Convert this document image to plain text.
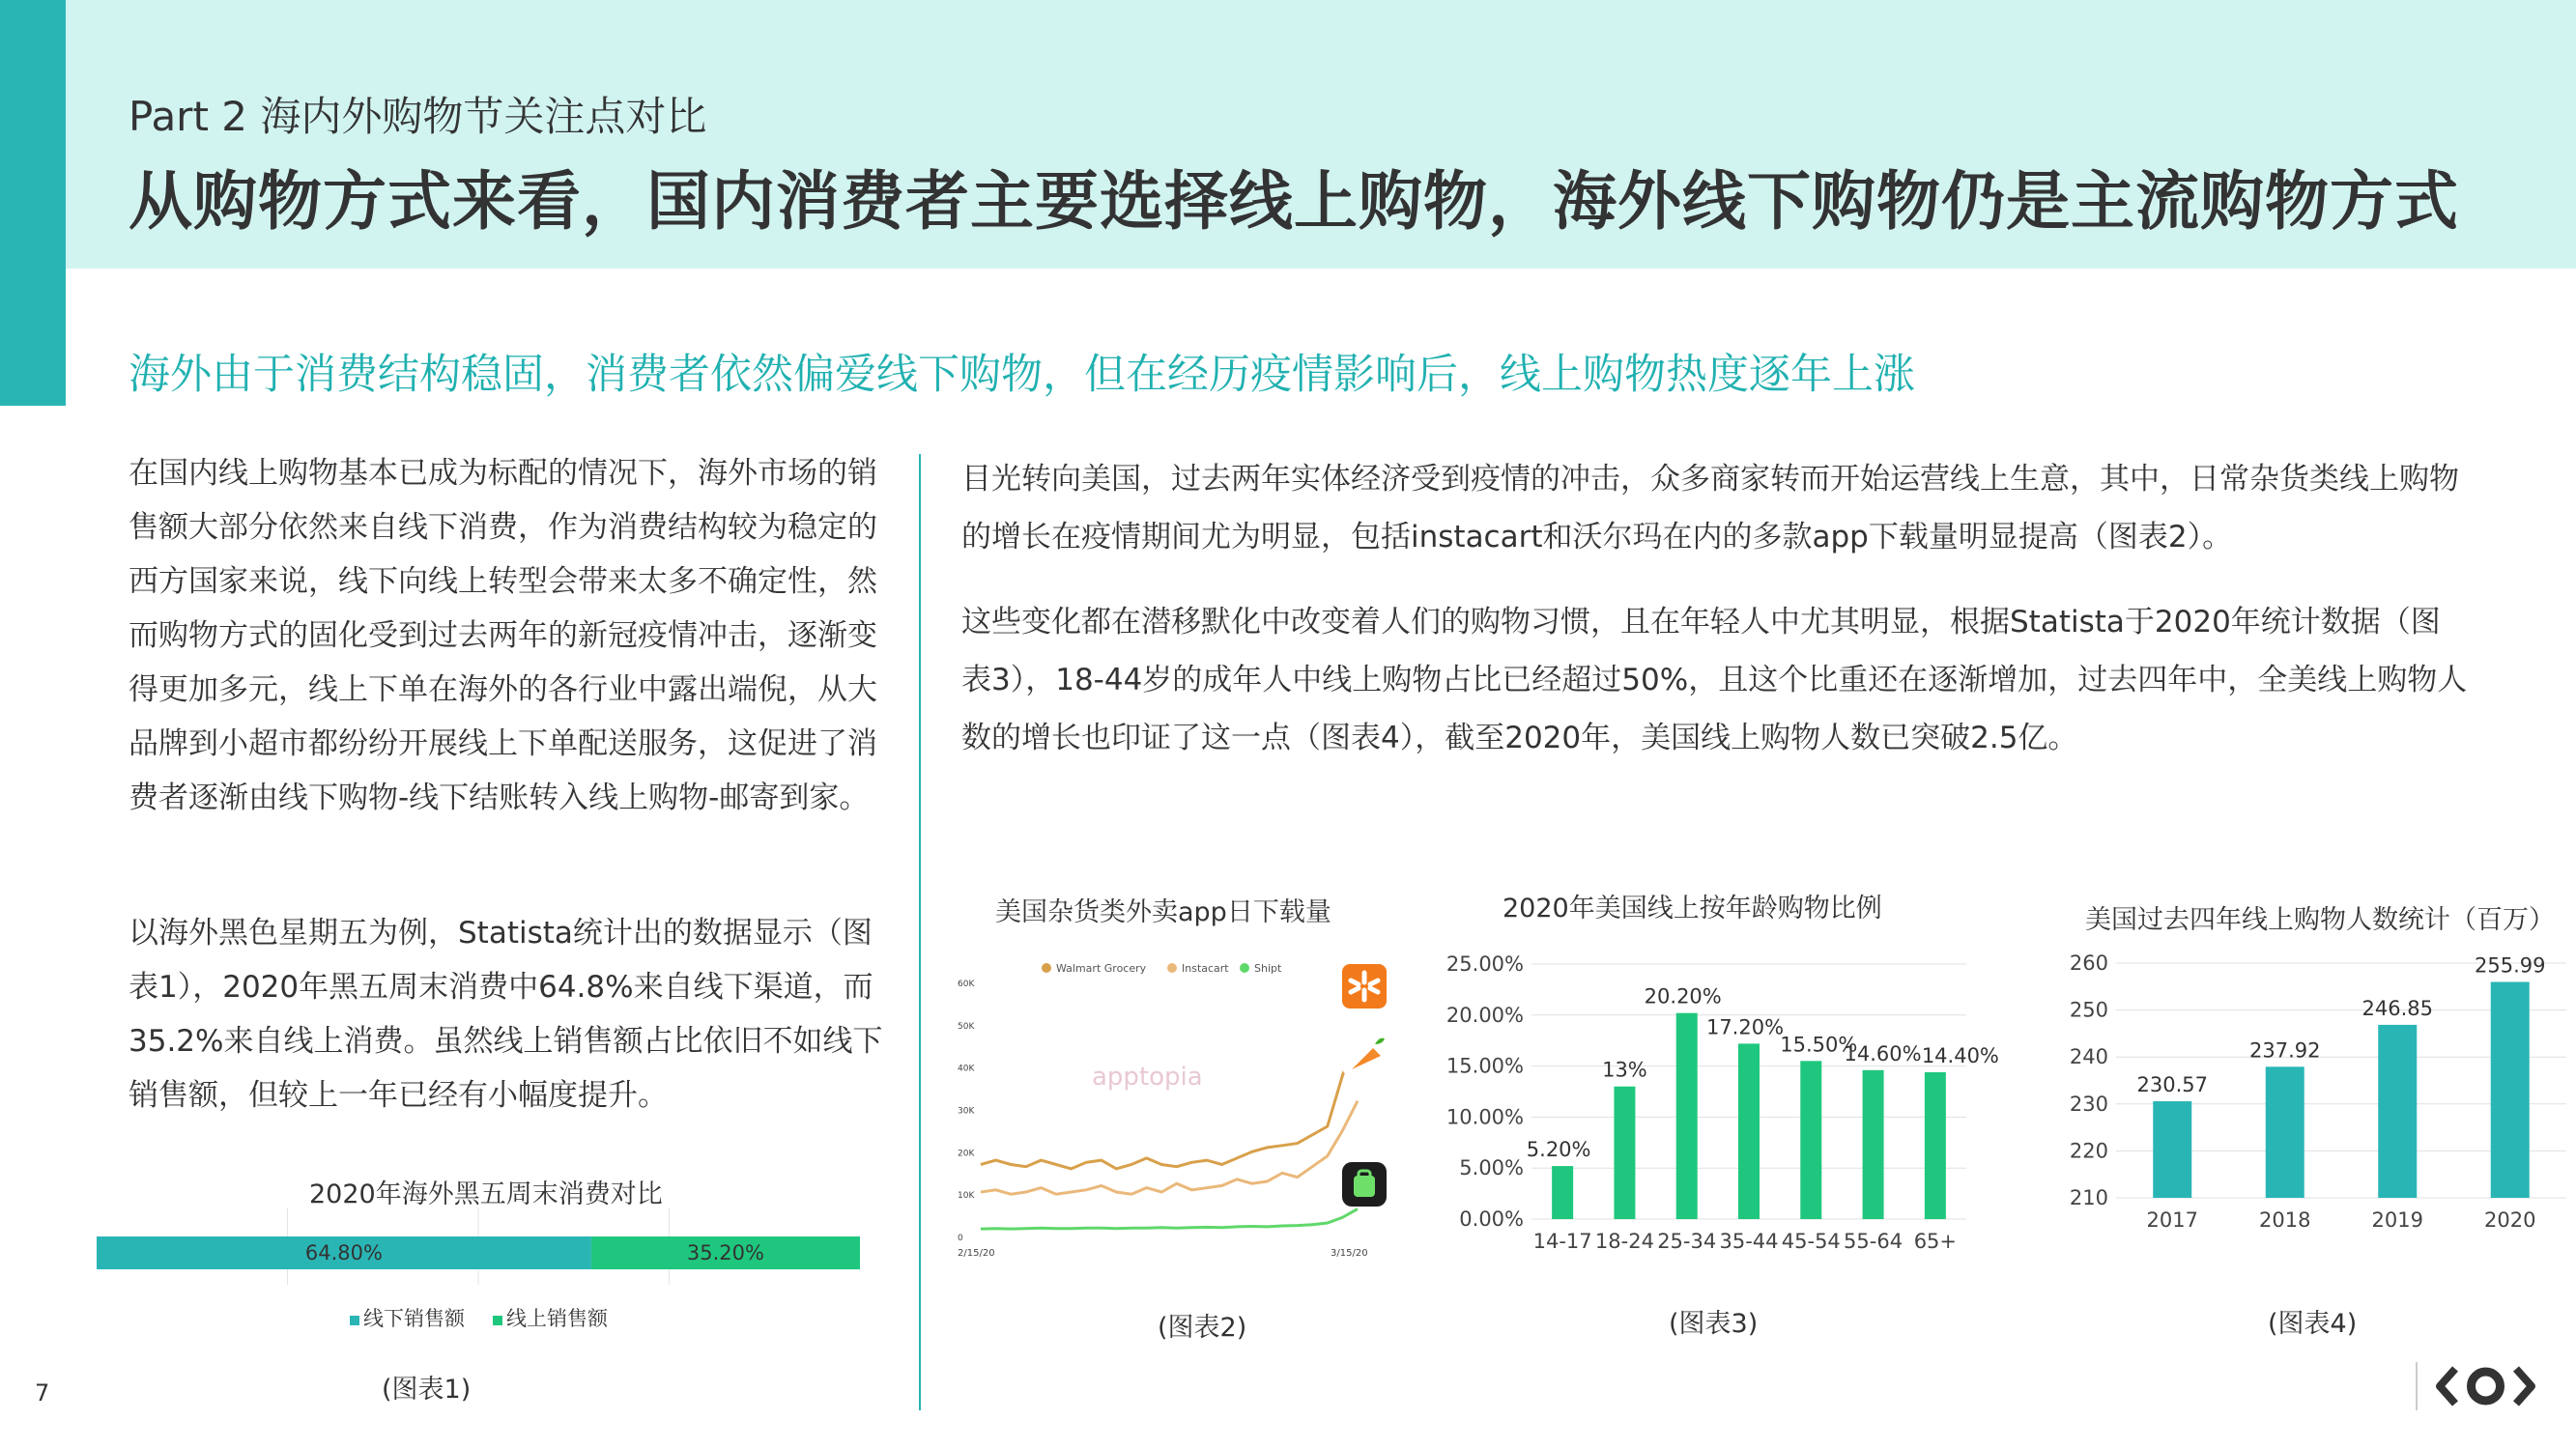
Part 2 海内外购物节关注点对比
从购物方式来看，国内消费者主要选择线上购物，海外线下购物仍是主流购物方式
海外由于消费结构稳固，消费者依然偏爱线下购物，但在经历疫情影响后，线上购物热度逐年上涨
在国内线上购物基本已成为标配的情况下，海外市场的销售额大部分依然来自线下消费，作为消费结构较为稳定的西方国家来说，线下向线上转型会带来太多不确定性，然而购物方式的固化受到过去两年的新冠疫情冲击，逐渐变得更加多元，线上下单在海外的各行业中露出端倪，从大品牌到小超市都纷纷开展线上下单配送服务，这促进了消费者逐渐由线下购物-线下结账转入线上购物-邮寄到家。
以海外黑色星期五为例，Statista统计出的数据显示（图表1），2020年黑五周末消费中64.8%来自线下渠道，而35.2%来自线上消费。虽然线上销售额占比依旧不如线下销售额，但较上一年已经有小幅度提升。
目光转向美国，过去两年实体经济受到疫情的冲击，众多商家转而开始运营线上生意，其中，日常杂货类线上购物的增长在疫情期间尤为明显，包括instacart和沃尔玛在内的多款app下载量明显提高（图表2）。
这些变化都在潜移默化中改变着人们的购物习惯，且在年轻人中尤其明显，根据Statista于2020年统计数据（图表3），18-44岁的成年人中线上购物占比已经超过50%，且这个比重还在逐渐增加，过去四年中，全美线上购物人数的增长也印证了这一点（图表4），截至2020年，美国线上购物人数已突破2.5亿。
2020年海外黑五周末消费对比
64.80%	35.20%
线下销售额 线上销售额
(图表1)
美国杂货类外卖app日下载量
Walmart Grocery	Instacart Shipt
apptopia
0
10K
20K
30K
40K
50K
60K
2/15/20	3/15/20
(图表2)
2020年美国线上按年龄购物比例
0.00%
5.00%
10.00%
15.00%
20.00%
25.00%
5.20%
14-17
13%
18-24
20.20%
25-34
17.20%
35-44
15.50%
45-54
14.60%
55-64
14.40%
65+
(图表3)
美国过去四年线上购物人数统计（百万）
210
220
230
240
250
260
230.57
2017
237.92
2018
246.85
2019
255.99
2020
(图表4)
7
